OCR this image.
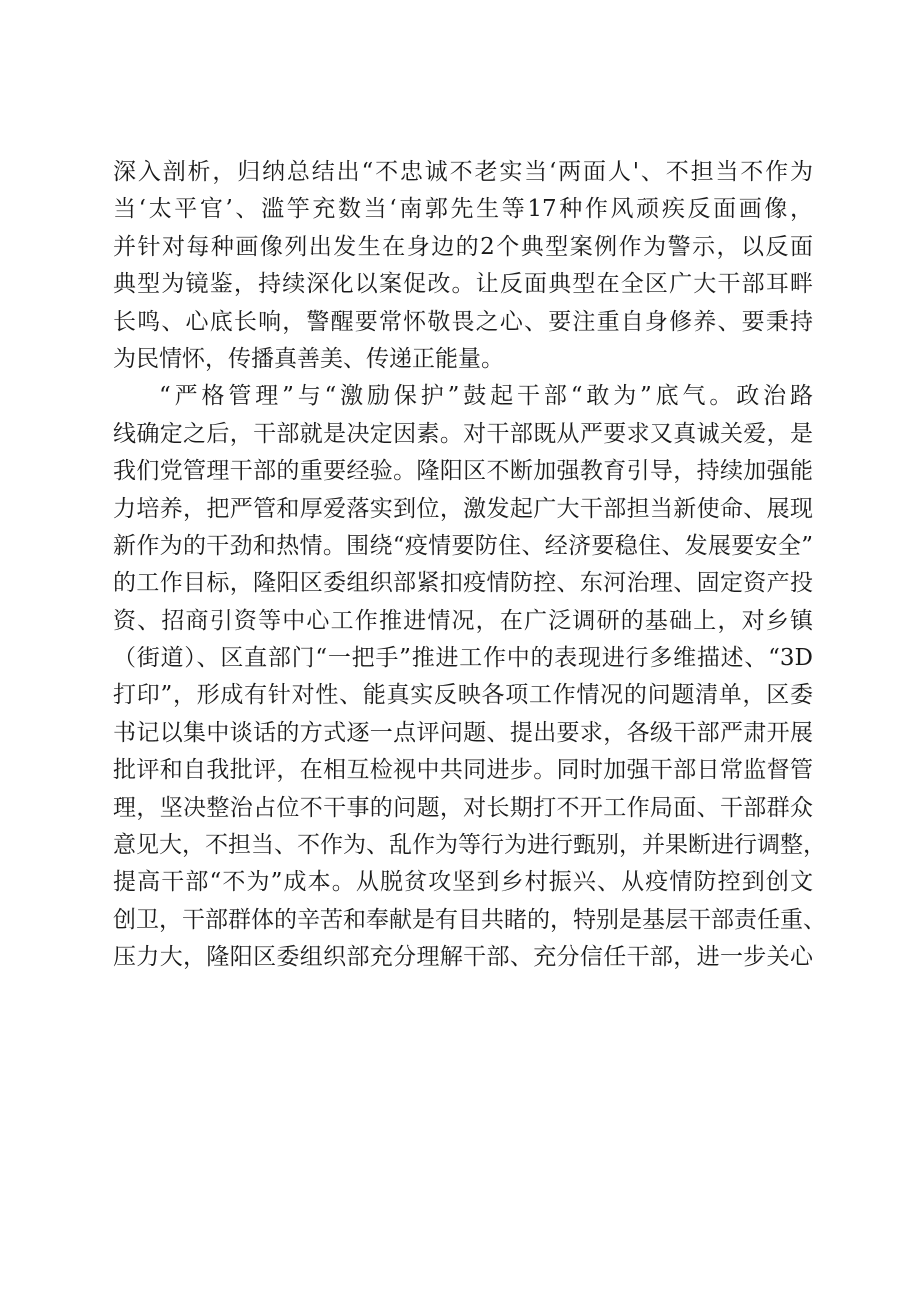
深入剖析，归纳总结出“不忠诚不老实当‘两面人'、不担当不作为
当‘太平官’、滥竽充数当‘南郭先生等17种作风顽疾反面画像，
并针对每种画像列出发生在身边的2个典型案例作为警示，以反面
典型为镜鉴，持续深化以案促改。让反面典型在全区广大干部耳畔
长鸣、心底长响，警醒要常怀敬畏之心、要注重自身修养、要秉持
为民情怀，传播真善美、传递正能量。
“严格管理”与“激励保护”鼓起干部“敢为”底气。政治路
线确定之后，干部就是决定因素。对干部既从严要求又真诚关爱，是
我们党管理干部的重要经验。隆阳区不断加强教育引导，持续加强能
力培养，把严管和厚爱落实到位，激发起广大干部担当新使命、展现
新作为的干劲和热情。围绕“疫情要防住、经济要稳住、发展要安全”
的工作目标，隆阳区委组织部紧扣疫情防控、东河治理、固定资产投
资、招商引资等中心工作推进情况，在广泛调研的基础上，对乡镇
（街道）、区直部门“一把手”推进工作中的表现进行多维描述、“3D
打印”，形成有针对性、能真实反映各项工作情况的问题清单，区委
书记以集中谈话的方式逐一点评问题、提出要求，各级干部严肃开展
批评和自我批评，在相互检视中共同进步。同时加强干部日常监督管
理，坚决整治占位不干事的问题，对长期打不开工作局面、干部群众
意见大，不担当、不作为、乱作为等行为进行甄别，并果断进行调整，
提高干部“不为”成本。从脱贫攻坚到乡村振兴、从疫情防控到创文
创卫，干部群体的辛苦和奉献是有目共睹的，特别是基层干部责任重、
压力大，隆阳区委组织部充分理解干部、充分信任干部，进一步关心
